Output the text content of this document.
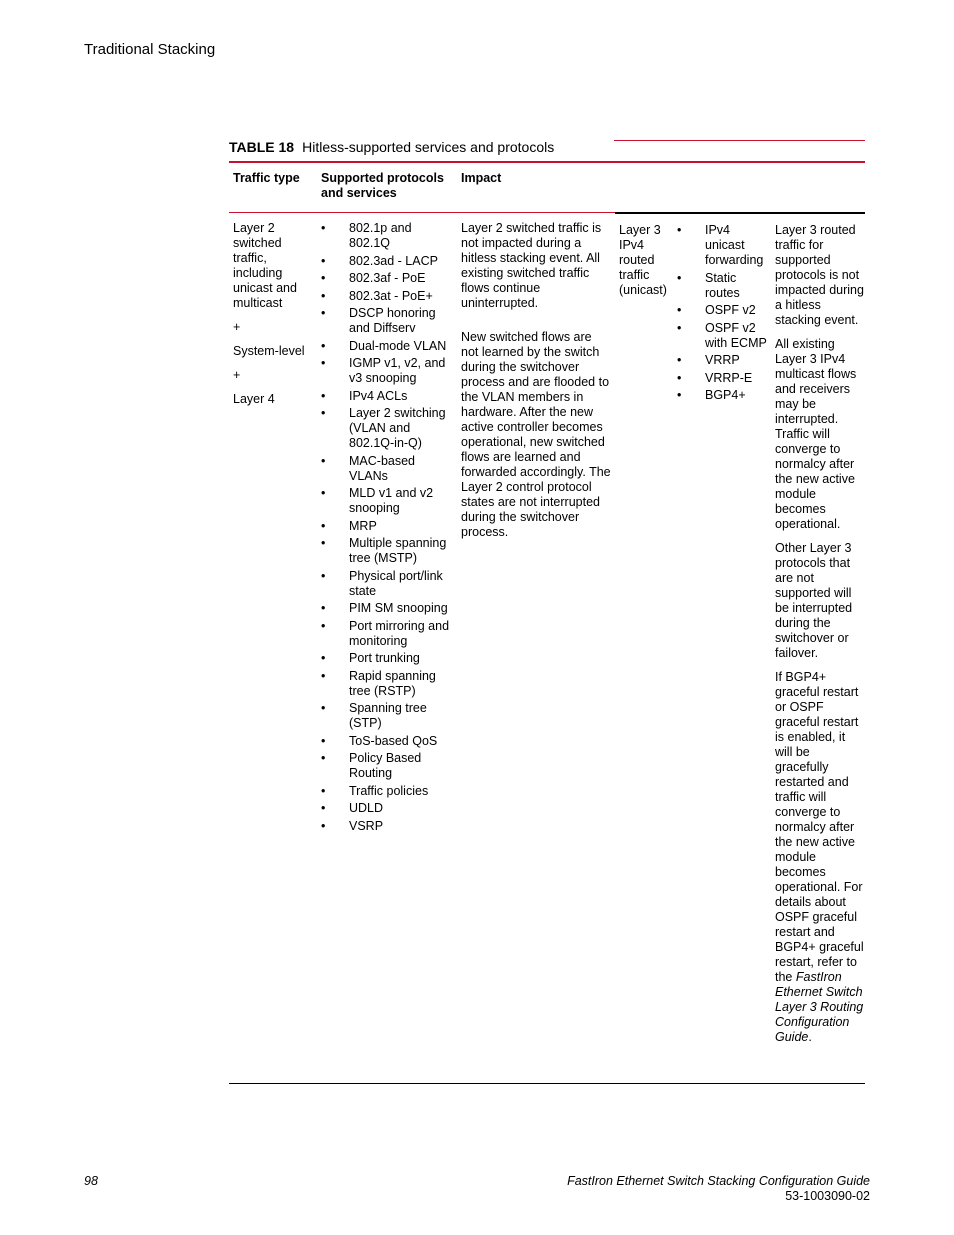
Traditional Stacking
TABLE 18 Hitless-supported services and protocols
Traffic type	Supported protocols and services
Impact

Layer 2 switched traffic, including unicast and multicast

+

System-level

+

Layer 4

• 802.1p and 802.1Q
• 802.3ad - LACP
• 802.3af - PoE
• 802.3at - PoE+
• DSCP honoring and Diffserv
• Dual-mode VLAN
• IGMP v1, v2, and v3 snooping
• IPv4 ACLs
• Layer 2 switching (VLAN and 802.1Q-in-Q)
• MAC-based VLANs
• MLD v1 and v2 snooping
• MRP
• Multiple spanning tree (MSTP)
• Physical port/link state
• PIM SM snooping
• Port mirroring and monitoring
• Port trunking
• Rapid spanning tree (RSTP)
• Spanning tree (STP)
• ToS-based QoS
• Policy Based Routing
• Traffic policies
• UDLD
• VSRP

Layer 2 switched traffic is not impacted during a hitless stacking event. All existing switched traffic flows continue uninterrupted.

New switched flows are not learned by the switch during the switchover process and are flooded to the VLAN members in hardware. After the new active controller becomes operational, new switched flows are learned and forwarded accordingly. The Layer 2 control protocol states are not interrupted during the switchover process.

Layer 3 IPv4 routed traffic (unicast)
• IPv4 unicast forwarding
• Static routes
• OSPF v2
• OSPF v2 with ECMP
• VRRP
• VRRP-E
• BGP4+

Layer 3 routed traffic for supported protocols is not impacted during a hitless stacking event.

All existing Layer 3 IPv4 multicast flows and receivers may be interrupted. Traffic will converge to normalcy after the new active module becomes operational.

Other Layer 3 protocols that are not supported will be interrupted during the switchover or failover.

If BGP4+ graceful restart or OSPF graceful restart is enabled, it will be gracefully restarted and traffic will converge to normalcy after the new active module becomes operational. For details about OSPF graceful restart and BGP4+ graceful restart, refer to the FastIron Ethernet Switch Layer 3 Routing Configuration Guide.

98	FastIron Ethernet Switch Stacking Configuration Guide
53-1003090-02
